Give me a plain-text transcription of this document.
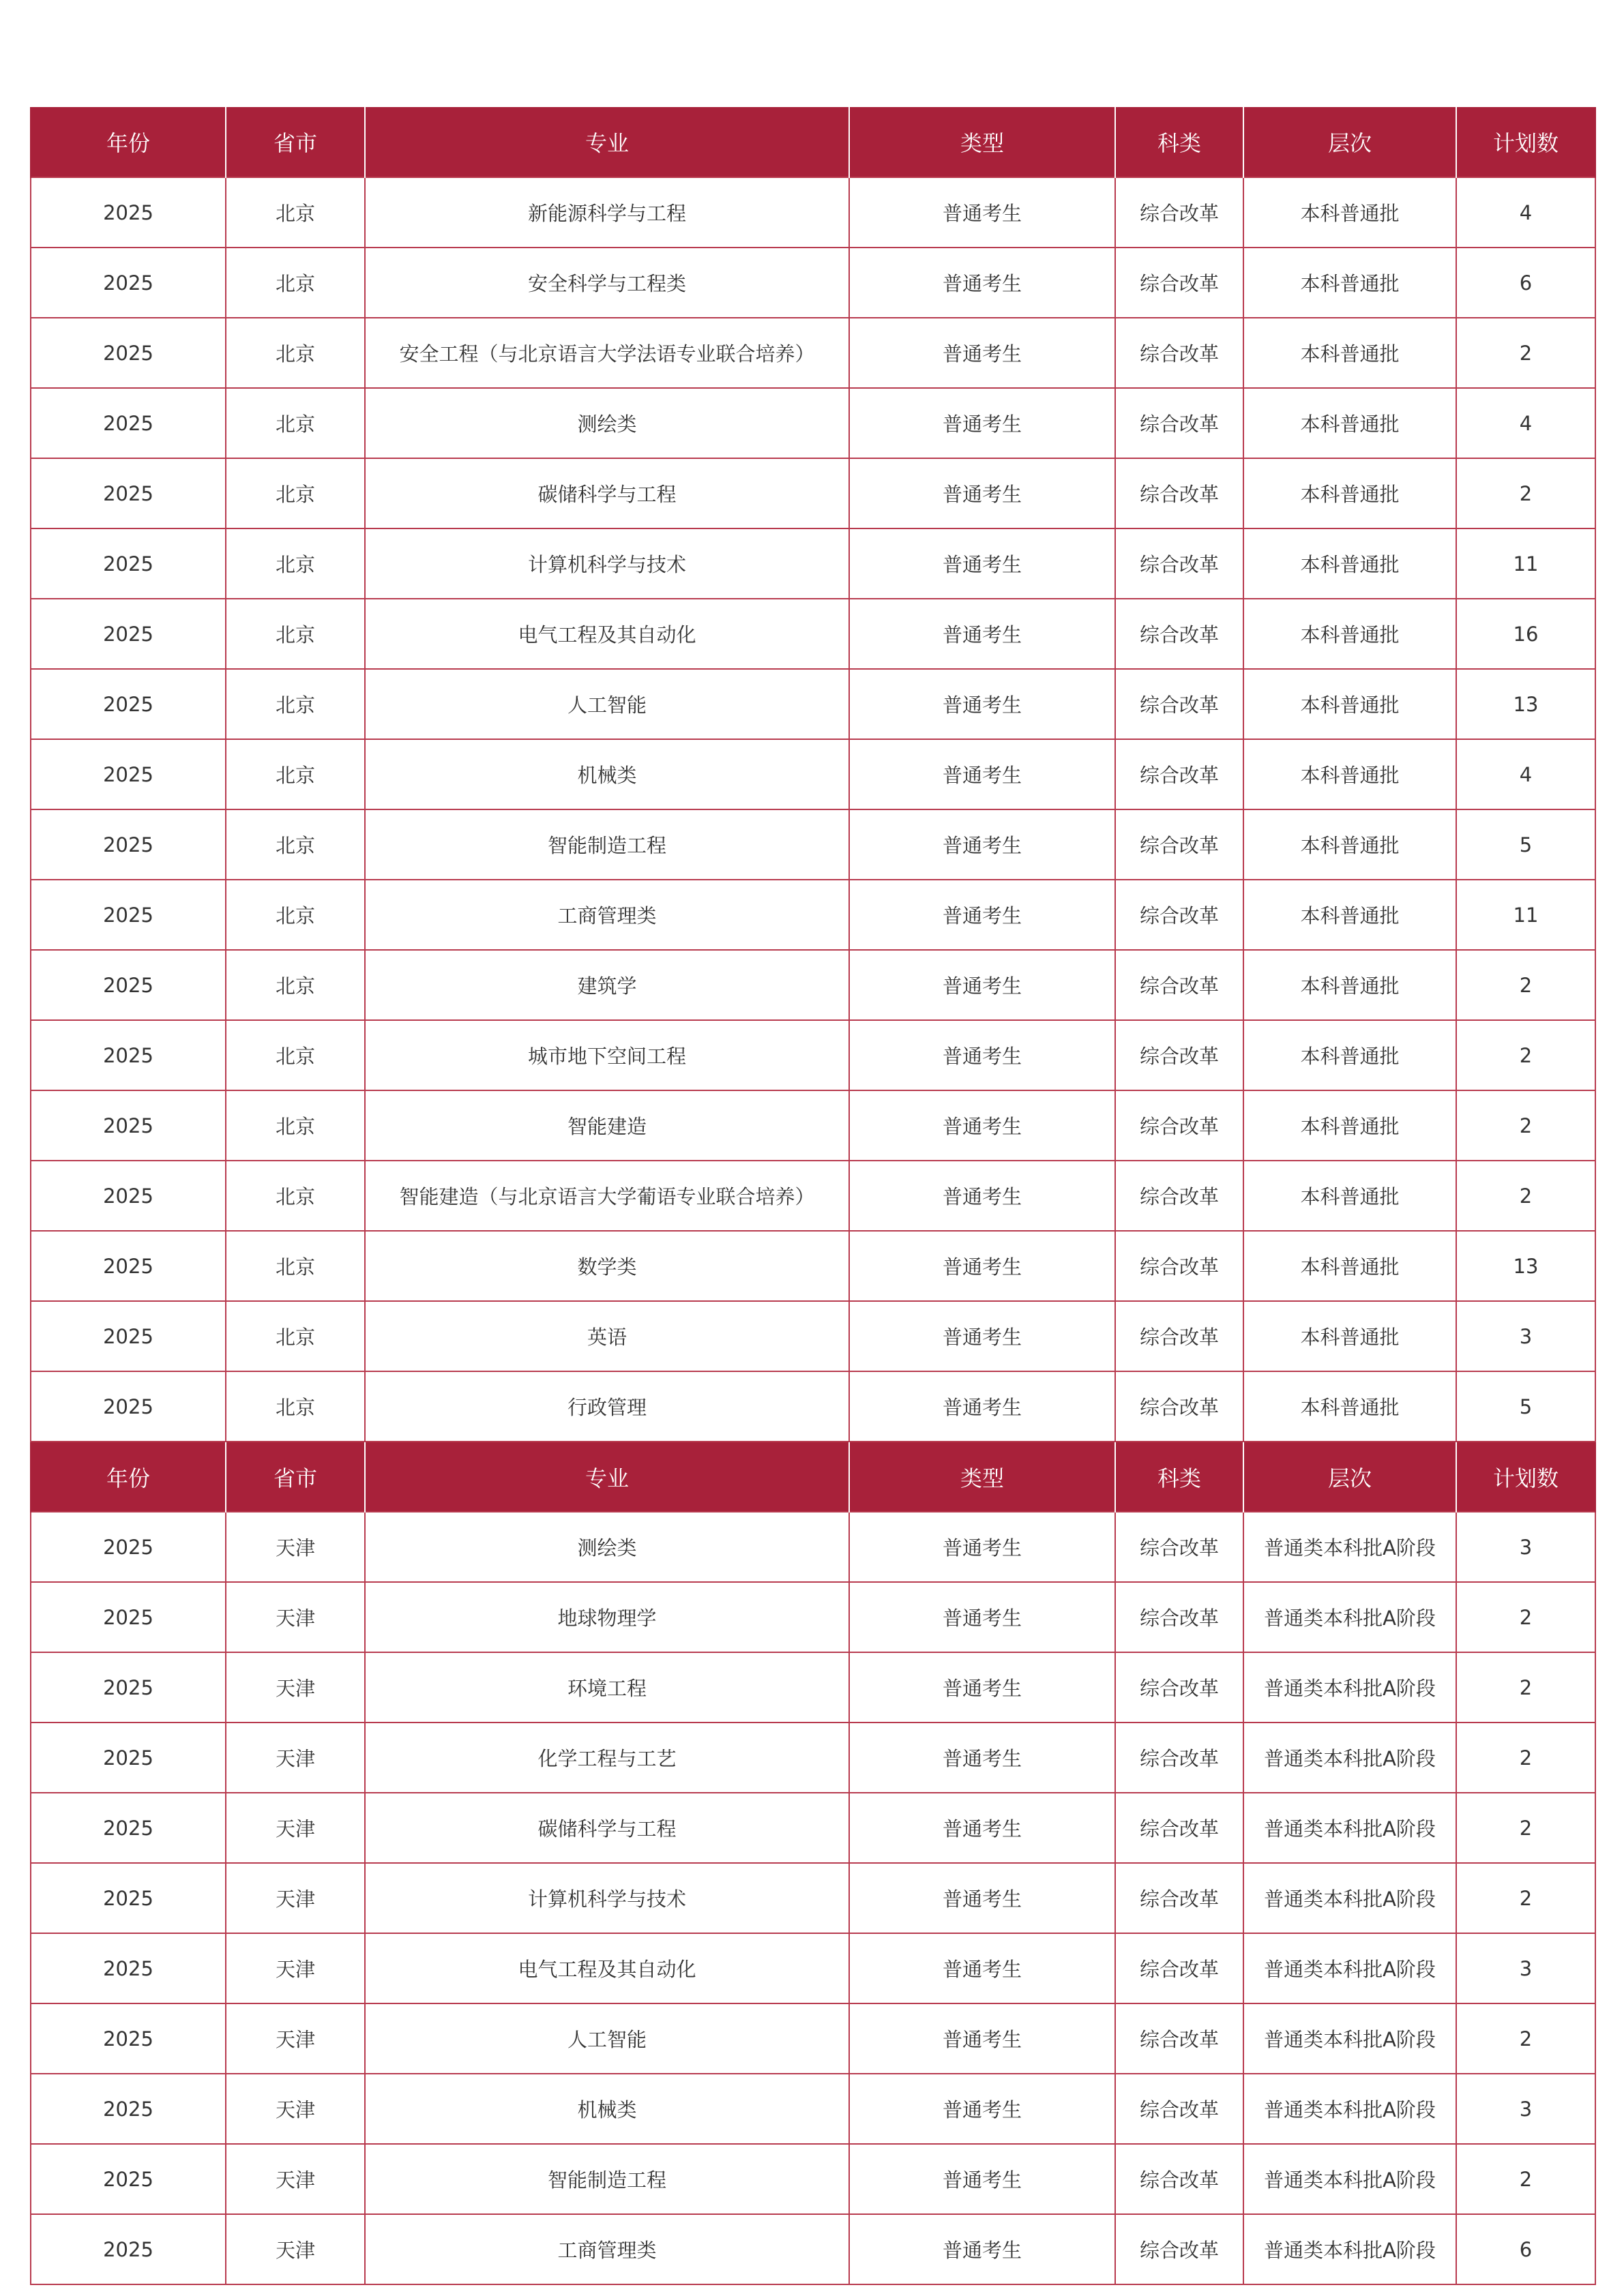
年份	省市	专业	类型	科类	层次	计划数
2025	北京	新能源科学与工程	普通考生	综合改革	本科普通批	4
2025	北京	安全科学与工程类	普通考生	综合改革	本科普通批	6
2025	北京	安全工程（与北京语言大学法语专业联合培养）	普通考生	综合改革	本科普通批	2
2025	北京	测绘类	普通考生	综合改革	本科普通批	4
2025	北京	碳储科学与工程	普通考生	综合改革	本科普通批	2
2025	北京	计算机科学与技术	普通考生	综合改革	本科普通批	11
2025	北京	电气工程及其自动化	普通考生	综合改革	本科普通批	16
2025	北京	人工智能	普通考生	综合改革	本科普通批	13
2025	北京	机械类	普通考生	综合改革	本科普通批	4
2025	北京	智能制造工程	普通考生	综合改革	本科普通批	5
2025	北京	工商管理类	普通考生	综合改革	本科普通批	11
2025	北京	建筑学	普通考生	综合改革	本科普通批	2
2025	北京	城市地下空间工程	普通考生	综合改革	本科普通批	2
2025	北京	智能建造	普通考生	综合改革	本科普通批	2
2025	北京	智能建造（与北京语言大学葡语专业联合培养）	普通考生	综合改革	本科普通批	2
2025	北京	数学类	普通考生	综合改革	本科普通批	13
2025	北京	英语	普通考生	综合改革	本科普通批	3
2025	北京	行政管理	普通考生	综合改革	本科普通批	5
年份	省市	专业	类型	科类	层次	计划数
2025	天津	测绘类	普通考生	综合改革	普通类本科批A阶段	3
2025	天津	地球物理学	普通考生	综合改革	普通类本科批A阶段	2
2025	天津	环境工程	普通考生	综合改革	普通类本科批A阶段	2
2025	天津	化学工程与工艺	普通考生	综合改革	普通类本科批A阶段	2
2025	天津	碳储科学与工程	普通考生	综合改革	普通类本科批A阶段	2
2025	天津	计算机科学与技术	普通考生	综合改革	普通类本科批A阶段	2
2025	天津	电气工程及其自动化	普通考生	综合改革	普通类本科批A阶段	3
2025	天津	人工智能	普通考生	综合改革	普通类本科批A阶段	2
2025	天津	机械类	普通考生	综合改革	普通类本科批A阶段	3
2025	天津	智能制造工程	普通考生	综合改革	普通类本科批A阶段	2
2025	天津	工商管理类	普通考生	综合改革	普通类本科批A阶段	6
